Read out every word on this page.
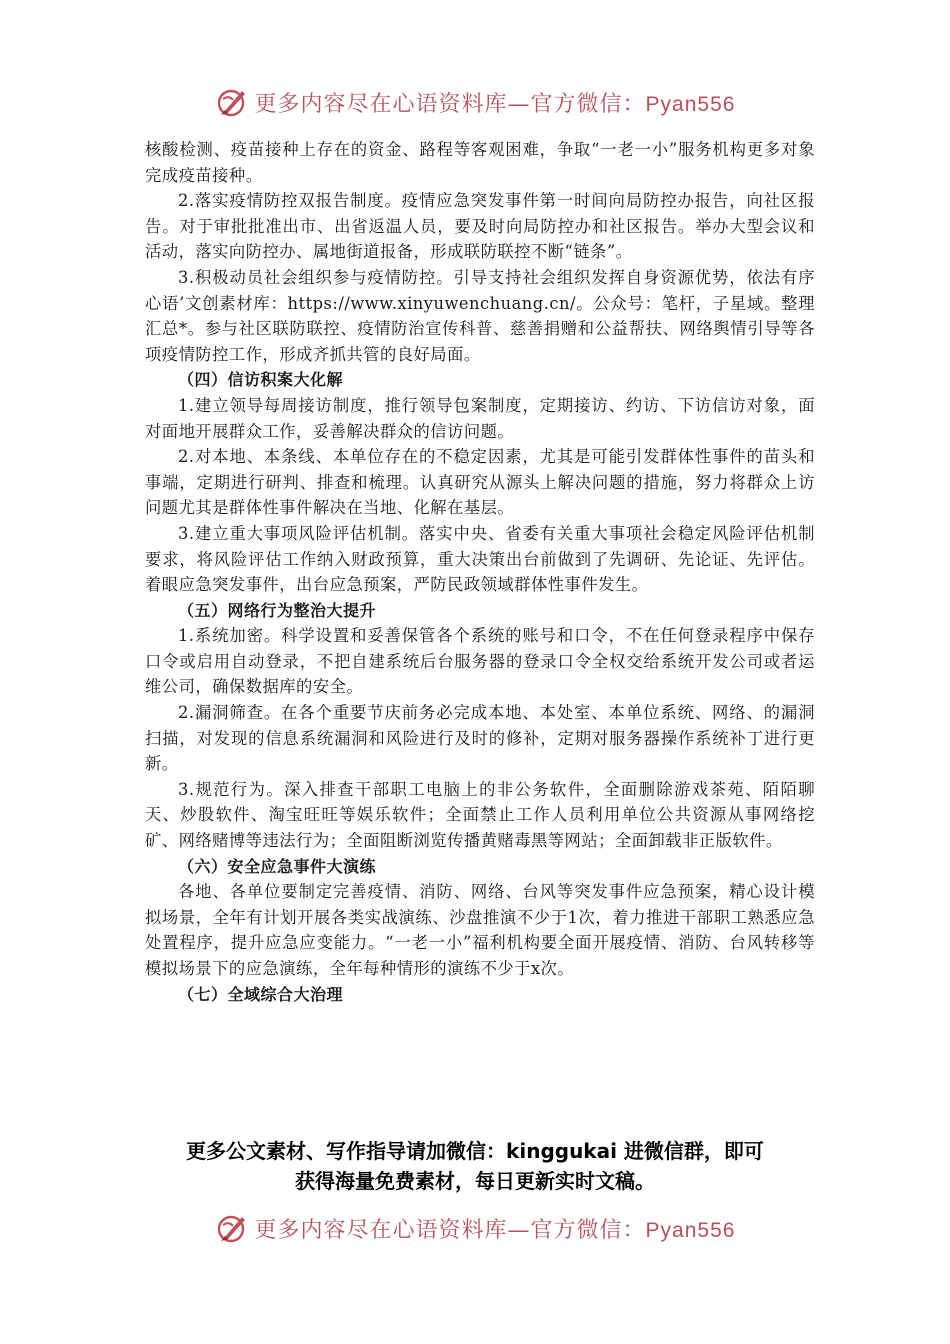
更多内容尽在心语资料库—官方微信：Pyan556

核酸检测、疫苗接种上存在的资金、路程等客观困难，争取“一老一小”服务机构更多对象完成疫苗接种。

2.落实疫情防控双报告制度。疫情应急突发事件第一时间向局防控办报告，向社区报告。对于审批批准出市、出省返温人员，要及时向局防控办和社区报告。举办大型会议和活动，落实向防控办、属地街道报备，形成联防联控不断“链条”。

3.积极动员社会组织参与疫情防控。引导支持社会组织发挥自身资源优势，依法有序心语’文创素材库：https://www.xinyuwenchuang.cn/。公众号：笔杆，子星域。整理汇总*。参与社区联防联控、疫情防治宣传科普、慈善捐赠和公益帮扶、网络舆情引导等各项疫情防控工作，形成齐抓共管的良好局面。

（四）信访积案大化解

1.建立领导每周接访制度，推行领导包案制度，定期接访、约访、下访信访对象，面对面地开展群众工作，妥善解决群众的信访问题。

2.对本地、本条线、本单位存在的不稳定因素，尤其是可能引发群体性事件的苗头和事端，定期进行研判、排查和梳理。认真研究从源头上解决问题的措施，努力将群众上访问题尤其是群体性事件解决在当地、化解在基层。

3.建立重大事项风险评估机制。落实中央、省委有关重大事项社会稳定风险评估机制要求，将风险评估工作纳入财政预算，重大决策出台前做到了先调研、先论证、先评估。着眼应急突发事件，出台应急预案，严防民政领域群体性事件发生。

（五）网络行为整治大提升

1.系统加密。科学设置和妥善保管各个系统的账号和口令，不在任何登录程序中保存口令或启用自动登录，不把自建系统后台服务器的登录口令全权交给系统开发公司或者运维公司，确保数据库的安全。

2.漏洞筛查。在各个重要节庆前务必完成本地、本处室、本单位系统、网络、的漏洞扫描，对发现的信息系统漏洞和风险进行及时的修补，定期对服务器操作系统补丁进行更新。

3.规范行为。深入排查干部职工电脑上的非公务软件，全面删除游戏茶苑、陌陌聊天、炒股软件、淘宝旺旺等娱乐软件；全面禁止工作人员利用单位公共资源从事网络挖矿、网络赌博等违法行为；全面阻断浏览传播黄赌毒黑等网站；全面卸载非正版软件。

（六）安全应急事件大演练

各地、各单位要制定完善疫情、消防、网络、台风等突发事件应急预案，精心设计模拟场景，全年有计划开展各类实战演练、沙盘推演不少于1次，着力推进干部职工熟悉应急处置程序，提升应急应变能力。“一老一小”福利机构要全面开展疫情、消防、台风转移等模拟场景下的应急演练，全年每种情形的演练不少于x次。

（七）全域综合大治理

更多公文素材、写作指导请加微信：kinggukai 进微信群，即可
获得海量免费素材，每日更新实时文稿。
更多内容尽在心语资料库—官方微信：Pyan556
